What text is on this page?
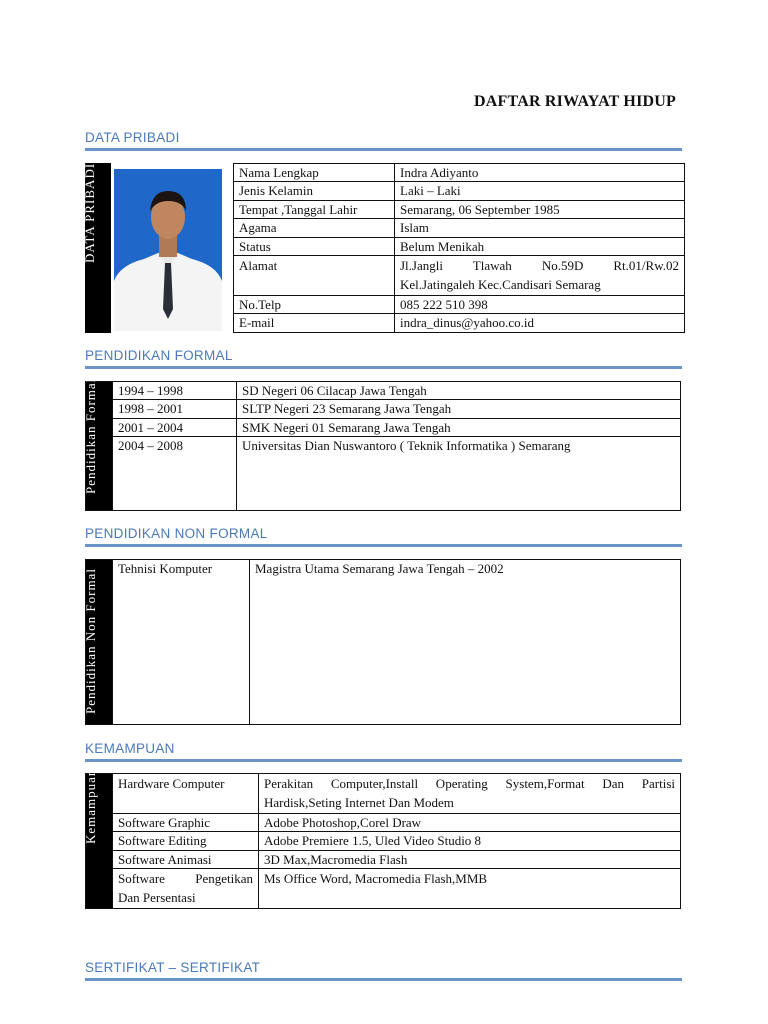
DAFTAR RIWAYAT HIDUP
DATA PRIBADI
DATA PRIBADI	Nama Lengkap	Indra Adiyanto
Jenis Kelamin	Laki – Laki
Tempat ,Tanggal Lahir	Semarang, 06 September 1985
Agama	Islam
Status	Belum Menikah
Alamat	Jl.Jangli Tlawah No.59D Rt.01/Rw.02
Kel.Jatingaleh Kec.Candisari Semarag

No.Telp	085 222 510 398
E-mail	indra_dinus@yahoo.co.id
PENDIDIKAN FORMAL
Pendidikan Formal 1994 – 1998	SD Negeri 06 Cilacap Jawa Tengah
1998 – 2001	SLTP Negeri 23 Semarang Jawa Tengah
2001 – 2004	SMK Negeri 01 Semarang Jawa Tengah
2004 – 2008	Universitas Dian Nuswantoro ( Teknik Informatika ) Semarang
PENDIDIKAN NON FORMAL
Pendidikan Non Formal Tehnisi Komputer	Magistra Utama Semarang Jawa Tengah – 2002
KEMAMPUAN
Kemampuan Hardware Computer	Perakitan Computer,Install Operating System,Format Dan Partisi
Hardisk,Seting Internet Dan Modem

Software Graphic	Adobe Photoshop,Corel Draw
Software Editing	Adobe Premiere 1.5, Uled Video Studio 8
Software Animasi	3D Max,Macromedia Flash

Software Pengetikan
Dan Persentasi	Ms Office Word, Macromedia Flash,MMB
SERTIFIKAT – SERTIFIKAT
